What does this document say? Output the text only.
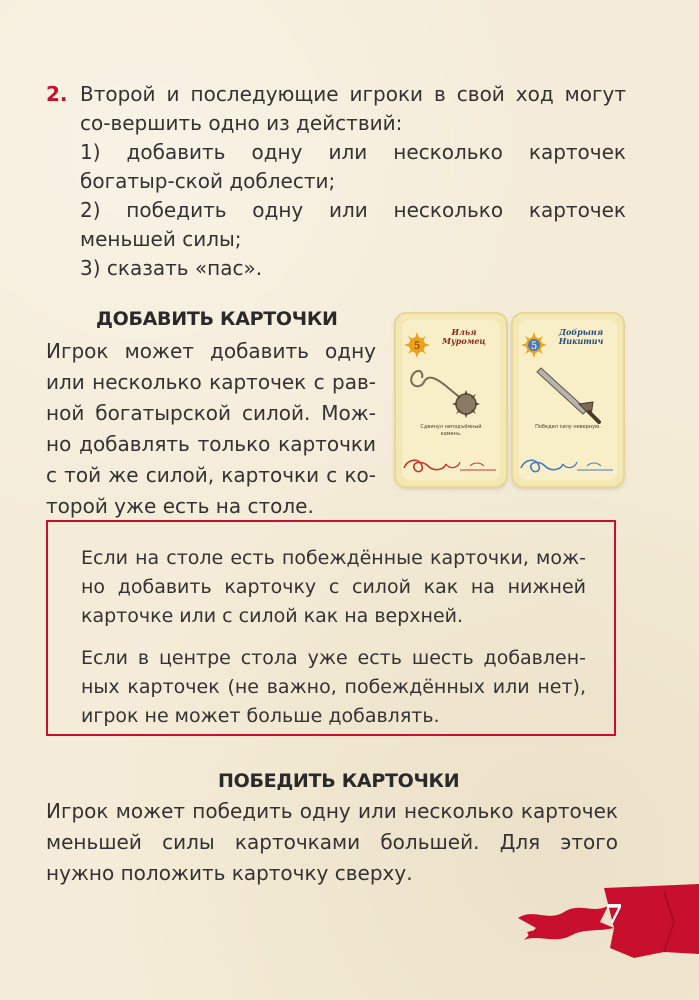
2. Второй и последующие игроки в свой ход могут со-вершить одно из действий:

1) добавить одну или несколько карточек богатыр-ской доблести;

2) победить одну или несколько карточек меньшей силы;

3) сказать «пас».

ДОБАВИТЬ КАРТОЧКИ
Игрок может добавить одну или несколько карточек с рав-ной богатырской силой. Мож-но добавлять только карточки с той же силой, карточки с ко-торой уже есть на столе.
5
Илья Муромец
Сдвинул неподъёмный камень.
5
Добрыня Никитич
Победил силу неверную.

Если на столе есть побеждённые карточки, мож-но добавить карточку с силой как на нижней карточке или с силой как на верхней.

Если в центре стола уже есть шесть добавлен-ных карточек (не важно, побеждённых или нет), игрок не может больше добавлять.

ПОБЕДИТЬ КАРТОЧКИ
Игрок может победить одну или несколько карточек меньшей силы карточками большей. Для этого нужно положить карточку сверху.
7
